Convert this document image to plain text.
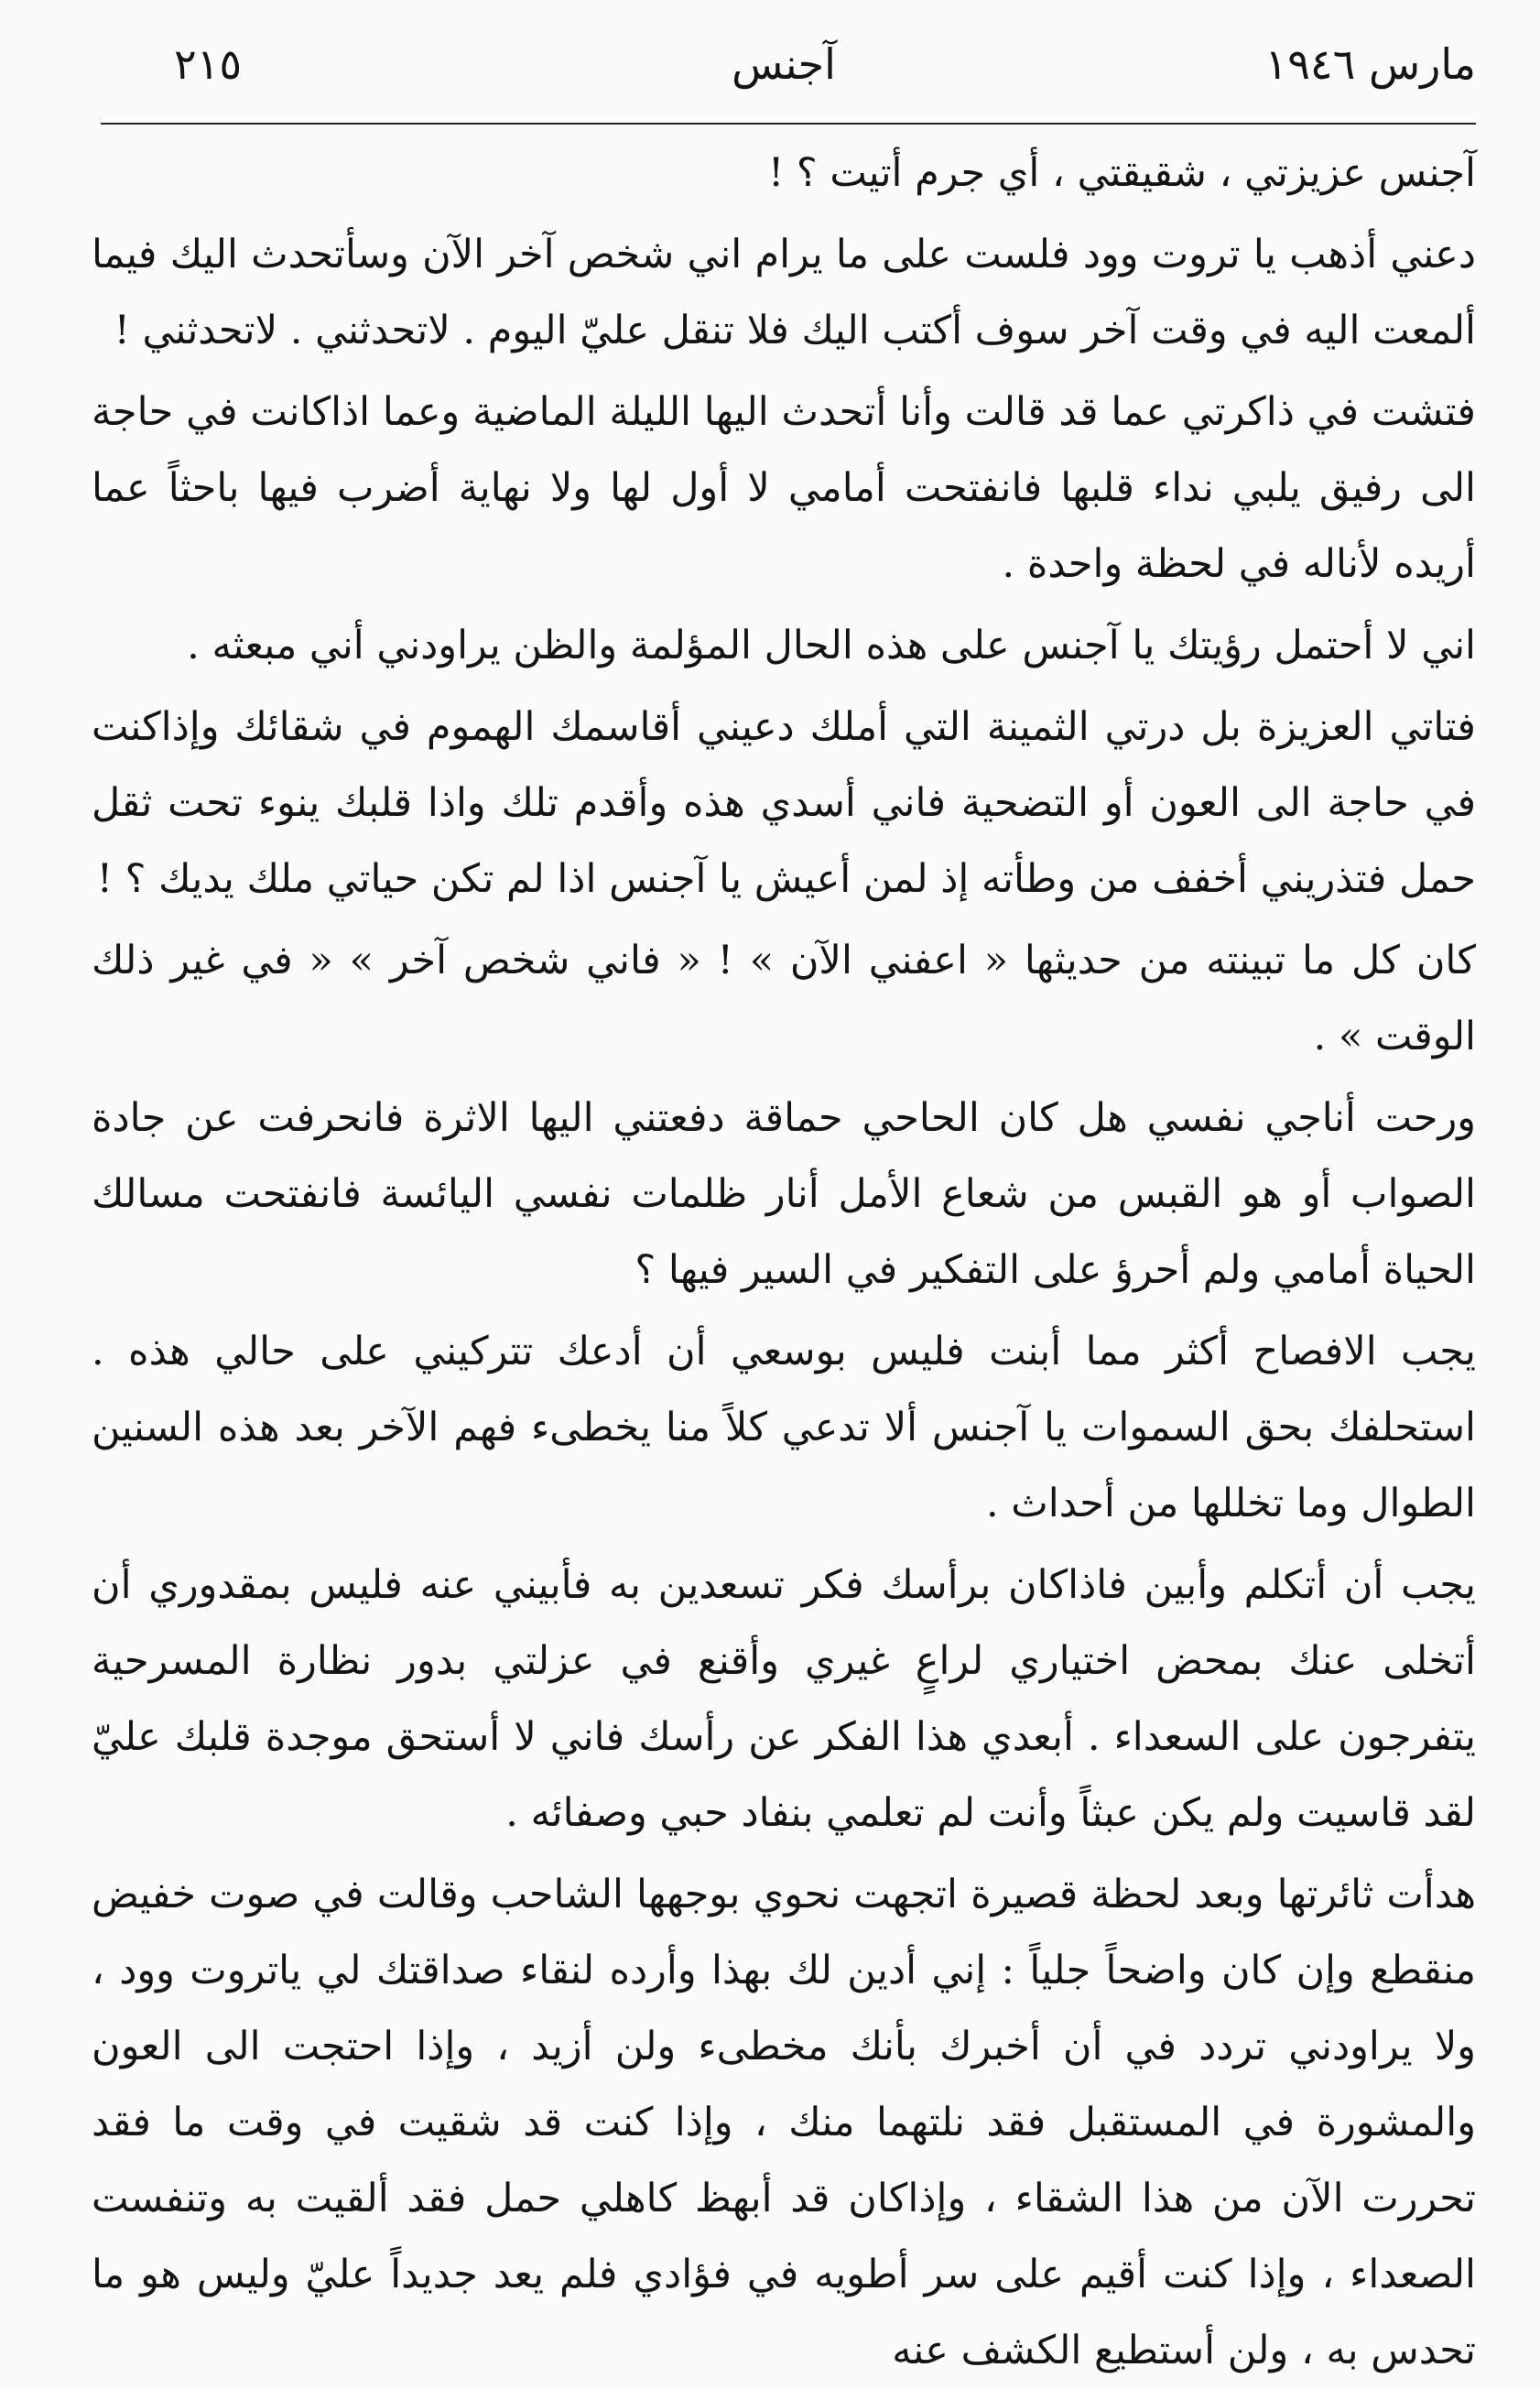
مارس ١٩٤٦
آجنس
٢١٥

آجنس عزيزتي ، شقيقتي ، أي جرم أتيت ؟ !

دعني أذهب يا تروت وود فلست على ما يرام اني شخص آخر الآن وسأتحدث اليك فيما ألمعت اليه في وقت آخر سوف أكتب اليك فلا تنقل عليّ اليوم . لاتحدثني . لاتحدثني !

فتشت في ذاكرتي عما قد قالت وأنا أتحدث اليها الليلة الماضية وعما اذاكانت في حاجة الى رفيق يلبي نداء قلبها فانفتحت أمامي لا أول لها ولا نهاية أضرب فيها باحثاً عما أريده لأناله في لحظة واحدة .

اني لا أحتمل رؤيتك يا آجنس على هذه الحال المؤلمة والظن يراودني أني مبعثه .

فتاتي العزيزة بل درتي الثمينة التي أملك دعيني أقاسمك الهموم في شقائك وإذاكنت في حاجة الى العون أو التضحية فاني أسدي هذه وأقدم تلك واذا قلبك ينوء تحت ثقل حمل فتذريني أخفف من وطأته إذ لمن أعيش يا آجنس اذا لم تكن حياتي ملك يديك ؟ !

كان كل ما تبينته من حديثها « اعفني الآن » ! « فاني شخص آخر » « في غير ذلك الوقت » .

ورحت أناجي نفسي هل كان الحاحي حماقة دفعتني اليها الاثرة فانحرفت عن جادة الصواب أو هو القبس من شعاع الأمل أنار ظلمات نفسي اليائسة فانفتحت مسالك الحياة أمامي ولم أحرؤ على التفكير في السير فيها ؟

يجب الافصاح أكثر مما أبنت فليس بوسعي أن أدعك تتركيني على حالي هذه . استحلفك بحق السموات يا آجنس ألا تدعي كلاً منا يخطىء فهم الآخر بعد هذه السنين الطوال وما تخللها من أحداث .

يجب أن أتكلم وأبين فاذاكان برأسك فكر تسعدين به فأبيني عنه فليس بمقدوري أن أتخلى عنك بمحض اختياري لراعٍ غيري وأقنع في عزلتي بدور نظارة المسرحية يتفرجون على السعداء . أبعدي هذا الفكر عن رأسك فاني لا أستحق موجدة قلبك عليّ لقد قاسيت ولم يكن عبثاً وأنت لم تعلمي بنفاد حبي وصفائه .

هدأت ثائرتها وبعد لحظة قصيرة اتجهت نحوي بوجهها الشاحب وقالت في صوت خفيض منقطع وإن كان واضحاً جلياً : إني أدين لك بهذا وأرده لنقاء صداقتك لي ياتروت وود ، ولا يراودني تردد في أن أخبرك بأنك مخطىء ولن أزيد ، وإذا احتجت الى العون والمشورة في المستقبل فقد نلتهما منك ، وإذا كنت قد شقيت في وقت ما فقد تحررت الآن من هذا الشقاء ، وإذاكان قد أبهظ كاهلي حمل فقد ألقيت به وتنفست الصعداء ، وإذا كنت أقيم على سر أطويه في فؤادي فلم يعد جديداً عليّ وليس هو ما تحدس به ، ولن أستطيع الكشف عنه
